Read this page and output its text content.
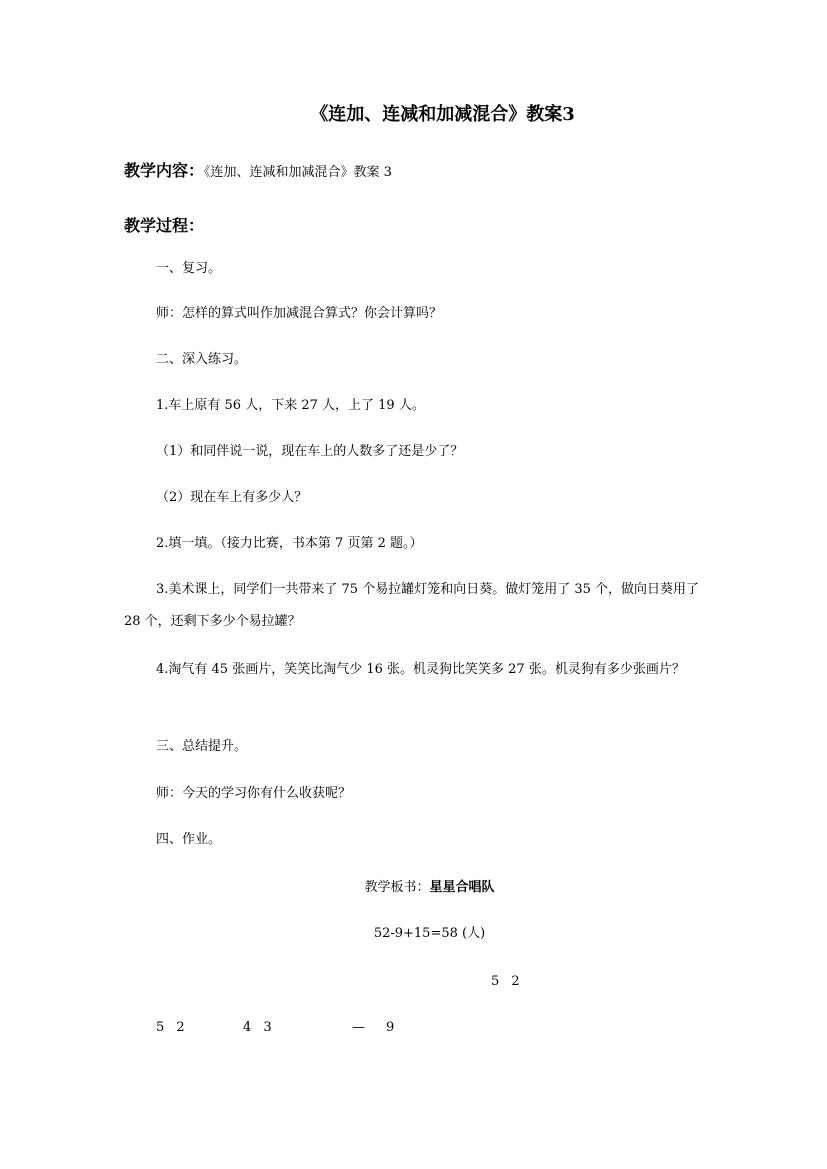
《连加、连减和加减混合》教案3
教学内容：《连加、连减和加减混合》教案 3
教学过程：
一、复习。
师：怎样的算式叫作加减混合算式？你会计算吗？
二、深入练习。
1.车上原有 56 人，下来 27 人，上了 19 人。
（1）和同伴说一说，现在车上的人数多了还是少了？
（2）现在车上有多少人？
2.填一填。（接力比赛，书本第 7 页第 2 题。）
3.美术课上，同学们一共带来了 75 个易拉罐灯笼和向日葵。做灯笼用了 35 个，做向日葵用了 28 个，还剩下多少个易拉罐？
4.淘气有 45 张画片，笑笑比淘气少 16 张。机灵狗比笑笑多 27 张。机灵狗有多少张画片？
三、总结提升。
师：今天的学习你有什么收获呢？
四、作业。
教学板书：星星合唱队
52-9+15=58 (人)
5 2
5 2	4 3	— 9
